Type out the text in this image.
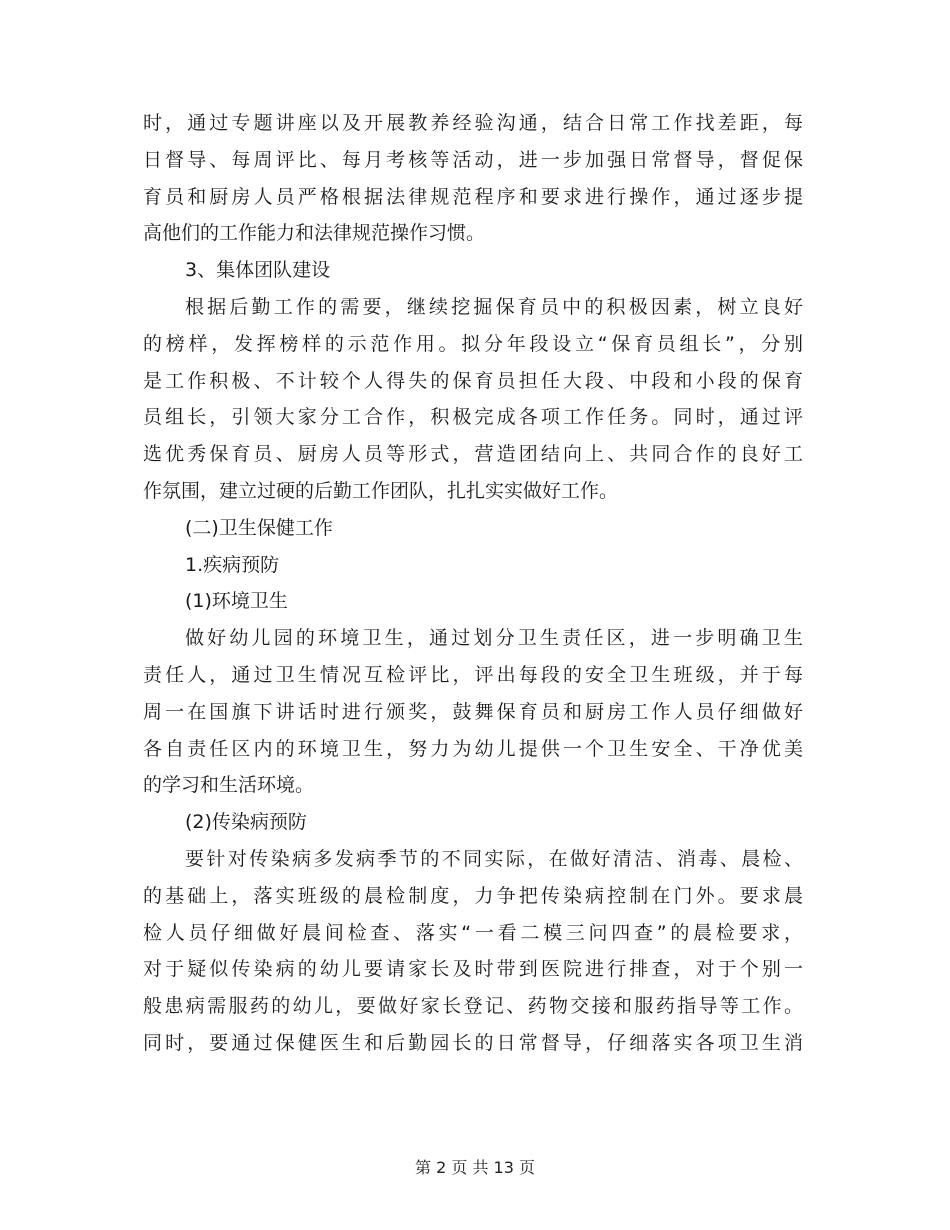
时，通过专题讲座以及开展教养经验沟通，结合日常工作找差距，每
日督导、每周评比、每月考核等活动，进一步加强日常督导，督促保
育员和厨房人员严格根据法律规范程序和要求进行操作，通过逐步提
高他们的工作能力和法律规范操作习惯。
3、集体团队建设
根据后勤工作的需要，继续挖掘保育员中的积极因素，树立良好
的榜样，发挥榜样的示范作用。拟分年段设立“保育员组长”，分别
是工作积极、不计较个人得失的保育员担任大段、中段和小段的保育
员组长，引领大家分工合作，积极完成各项工作任务。同时，通过评
选优秀保育员、厨房人员等形式，营造团结向上、共同合作的良好工
作氛围，建立过硬的后勤工作团队，扎扎实实做好工作。
(二)卫生保健工作
1.疾病预防
(1)环境卫生
做好幼儿园的环境卫生，通过划分卫生责任区，进一步明确卫生
责任人，通过卫生情况互检评比，评出每段的安全卫生班级，并于每
周一在国旗下讲话时进行颁奖，鼓舞保育员和厨房工作人员仔细做好
各自责任区内的环境卫生，努力为幼儿提供一个卫生安全、干净优美
的学习和生活环境。
(2)传染病预防
要针对传染病多发病季节的不同实际，在做好清洁、消毒、晨检、
的基础上，落实班级的晨检制度，力争把传染病控制在门外。要求晨
检人员仔细做好晨间检查、落实“一看二模三问四查”的晨检要求，
对于疑似传染病的幼儿要请家长及时带到医院进行排查，对于个别一
般患病需服药的幼儿，要做好家长登记、药物交接和服药指导等工作。
同时，要通过保健医生和后勤园长的日常督导，仔细落实各项卫生消
第 2 页 共 13 页
